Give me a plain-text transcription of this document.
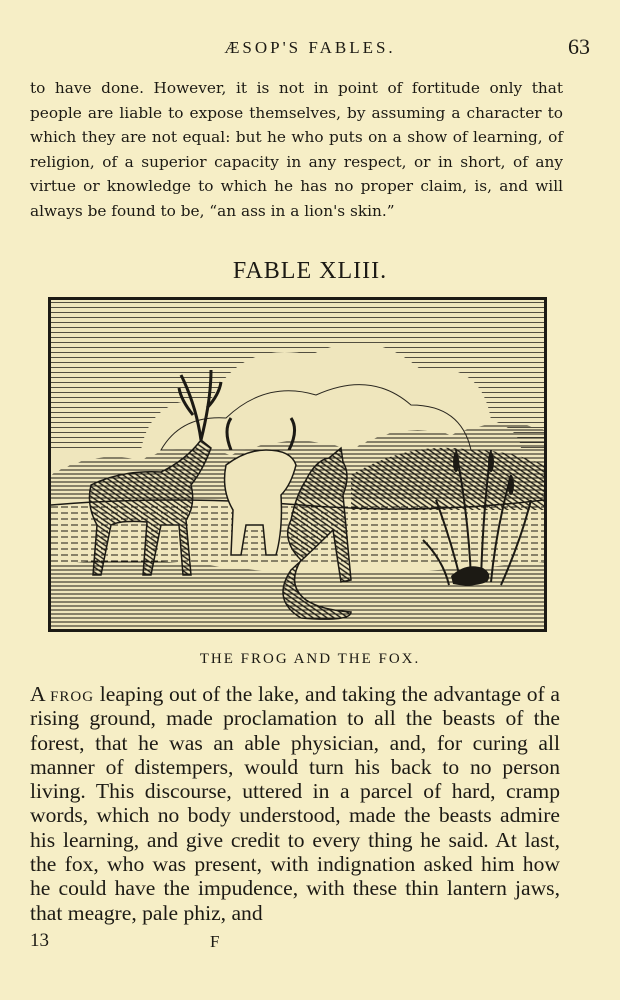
ÆSOP'S FABLES.	63
to have done. However, it is not in point of fortitude only that people are liable to expose themselves, by assuming a character to which they are not equal: but he who puts on a show of learning, of religion, of a superior capacity in any respect, or in short, of any virtue or knowledge to which he has no proper claim, is, and will always be found to be, “an ass in a lion's skin.”
FABLE XLIII.
THE FROG AND THE FOX.
A frog leaping out of the lake, and taking the advantage of a rising ground, made proclamation to all the beasts of the forest, that he was an able physician, and, for curing all manner of distempers, would turn his back to no person living. This discourse, uttered in a parcel of hard, cramp words, which no body understood, made the beasts admire his learning, and give credit to every thing he said. At last, the fox, who was present, with indignation asked him how he could have the impudence, with these thin lantern jaws, that meagre, pale phiz, and
13	F
